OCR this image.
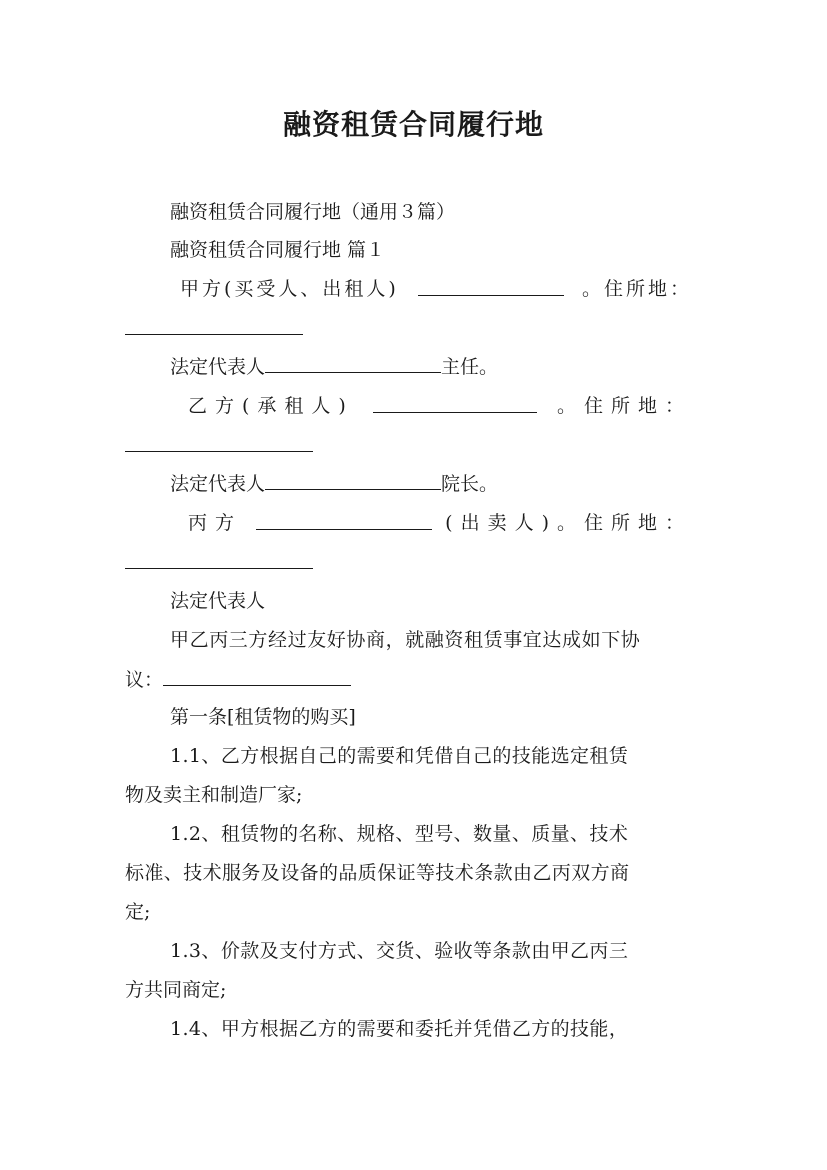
融资租赁合同履行地
融资租赁合同履行地（通用３篇）
融资租赁合同履行地 篇１
甲方(买受人、出租人)	。住所地：
法定代表人	主任。
乙方(承租人)	。住所地：
法定代表人	院长。
丙方	(出卖人)。住所地：
法定代表人
甲乙丙三方经过友好协商，就融资租赁事宜达成如下协
议：
第一条[租赁物的购买]
1.1、乙方根据自己的需要和凭借自己的技能选定租赁
物及卖主和制造厂家;
1.2、租赁物的名称、规格、型号、数量、质量、技术
标准、技术服务及设备的品质保证等技术条款由乙丙双方商
定;
1.3、价款及支付方式、交货、验收等条款由甲乙丙三
方共同商定;
1.4、甲方根据乙方的需要和委托并凭借乙方的技能，
